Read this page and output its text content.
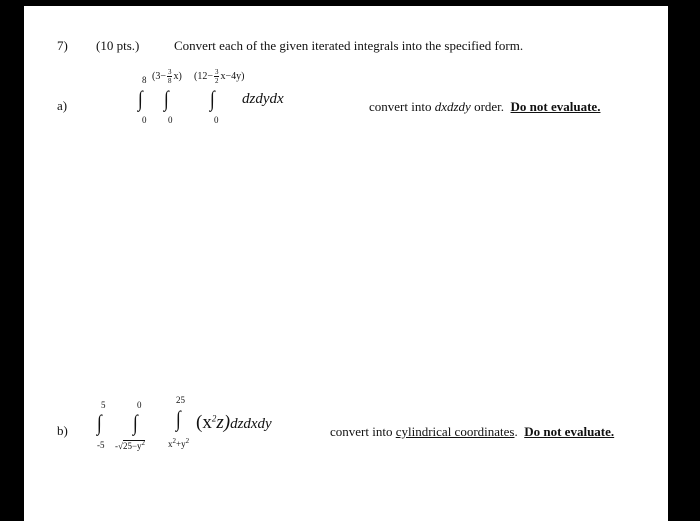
7) (10 pts.)	Convert each of the given iterated integrals into the specified form.
a)
8
∫
0
$(3- \frac{3}{8} x)$
∫
0
$(12- \frac{3}{2} x-4y)$
∫
0
dzdydx	convert into dxdzdy order. Do not evaluate.
b)
5
∫
-5
0
∫
$-√25-y^2$
25
∫
$x^2+y^2$
$(x^2z)dzdxdy$	convert into cylindrical coordinates. Do not evaluate.
